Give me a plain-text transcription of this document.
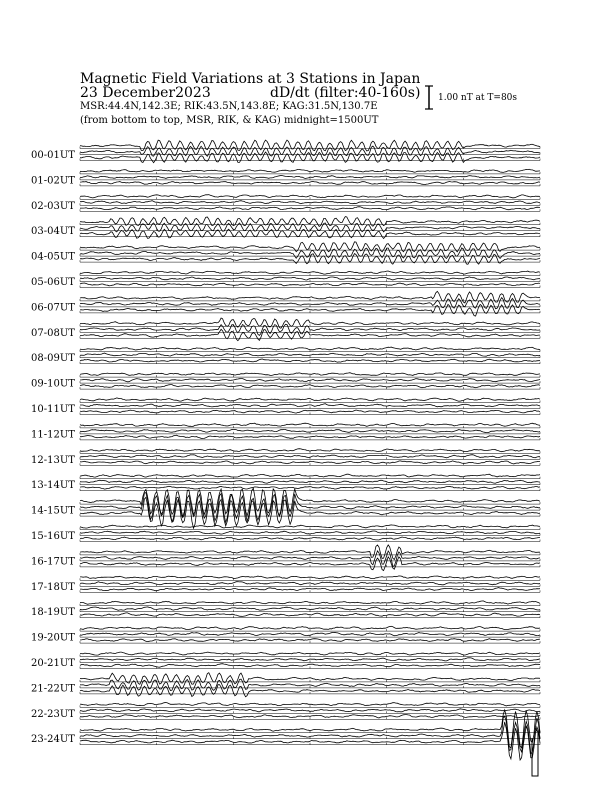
Magnetic Field Variations at 3 Stations in Japan
23 December2023	dD/dt (filter:40-160s)
MSR:44.4N,142.3E; RIK:43.5N,143.8E; KAG:31.5N,130.7E
(from bottom to top, MSR, RIK, & KAG) midnight=1500UT
1.00 nT at T=80s
00-01UT
01-02UT
02-03UT
03-04UT
04-05UT
05-06UT
06-07UT
07-08UT
08-09UT
09-10UT
10-11UT
11-12UT
12-13UT
13-14UT
14-15UT
15-16UT
16-17UT
17-18UT
18-19UT
19-20UT
20-21UT
21-22UT
22-23UT
23-24UT
